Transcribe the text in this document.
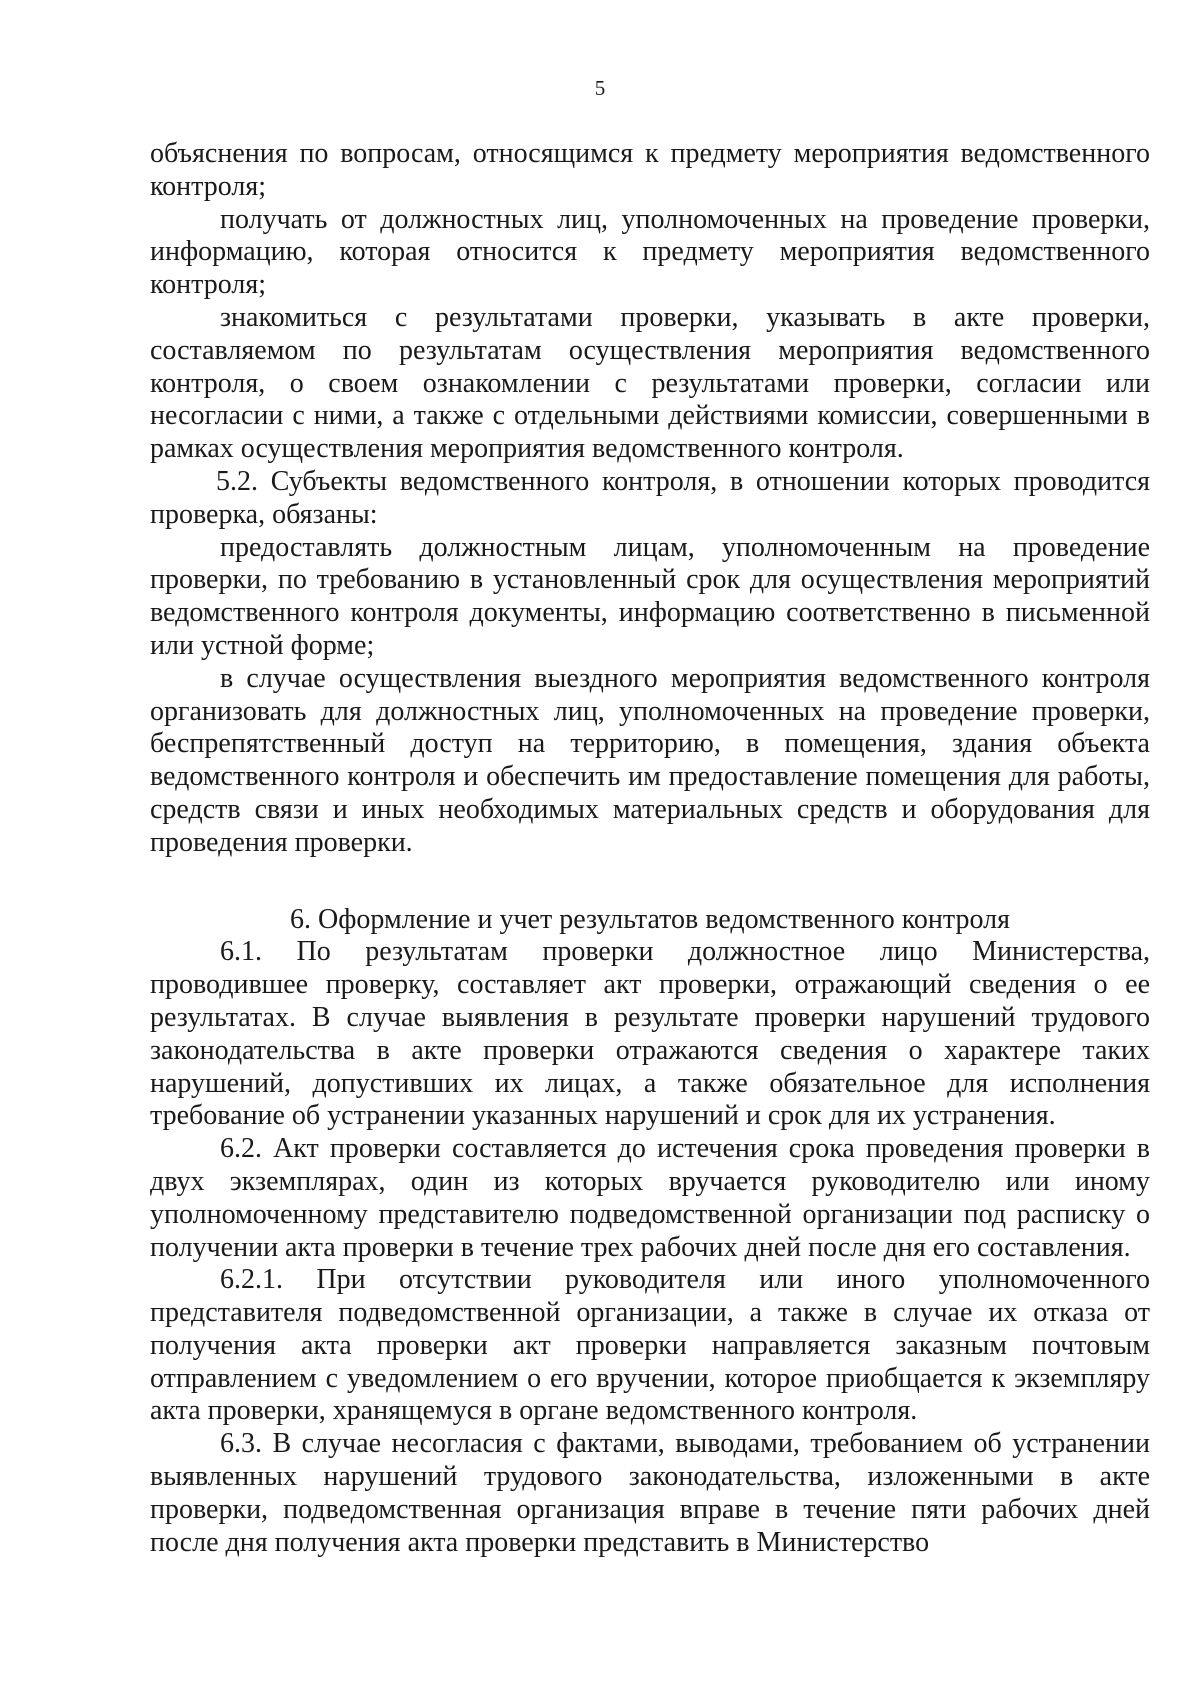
5

объяснения по вопросам, относящимся к предмету мероприятия ведомственного контроля;

получать от должностных лиц, уполномоченных на проведение проверки, информацию, которая относится к предмету мероприятия ведомственного контроля;

знакомиться с результатами проверки, указывать в акте проверки, составляемом по результатам осуществления мероприятия ведомственного контроля, о своем ознакомлении с результатами проверки, согласии или несогласии с ними, а также с отдельными действиями комиссии, совершенными в рамках осуществления мероприятия ведомственного контроля.

5.2. Субъекты ведомственного контроля, в отношении которых проводится проверка, обязаны:

предоставлять должностным лицам, уполномоченным на проведение проверки, по требованию в установленный срок для осуществления мероприятий ведомственного контроля документы, информацию соответственно в письменной или устной форме;

в случае осуществления выездного мероприятия ведомственного контроля организовать для должностных лиц, уполномоченных на проведение проверки, беспрепятственный доступ на территорию, в помещения, здания объекта ведомственного контроля и обеспечить им предоставление помещения для работы, средств связи и иных необходимых материальных средств и оборудования для проведения проверки.

6. Оформление и учет результатов ведомственного контроля

6.1. По результатам проверки должностное лицо Министерства, проводившее проверку, составляет акт проверки, отражающий сведения о ее результатах. В случае выявления в результате проверки нарушений трудового законодательства в акте проверки отражаются сведения о характере таких нарушений, допустивших их лицах, а также обязательное для исполнения требование об устранении указанных нарушений и срок для их устранения.

6.2. Акт проверки составляется до истечения срока проведения проверки в двух экземплярах, один из которых вручается руководителю или иному уполномоченному представителю подведомственной организации под расписку о получении акта проверки в течение трех рабочих дней после дня его составления.

6.2.1. При отсутствии руководителя или иного уполномоченного представителя подведомственной организации, а также в случае их отказа от получения акта проверки акт проверки направляется заказным почтовым отправлением с уведомлением о его вручении, которое приобщается к экземпляру акта проверки, хранящемуся в органе ведомственного контроля.

6.3. В случае несогласия с фактами, выводами, требованием об устранении выявленных нарушений трудового законодательства, изложенными в акте проверки, подведомственная организация вправе в течение пяти рабочих дней после дня получения акта проверки представить в Министерство
